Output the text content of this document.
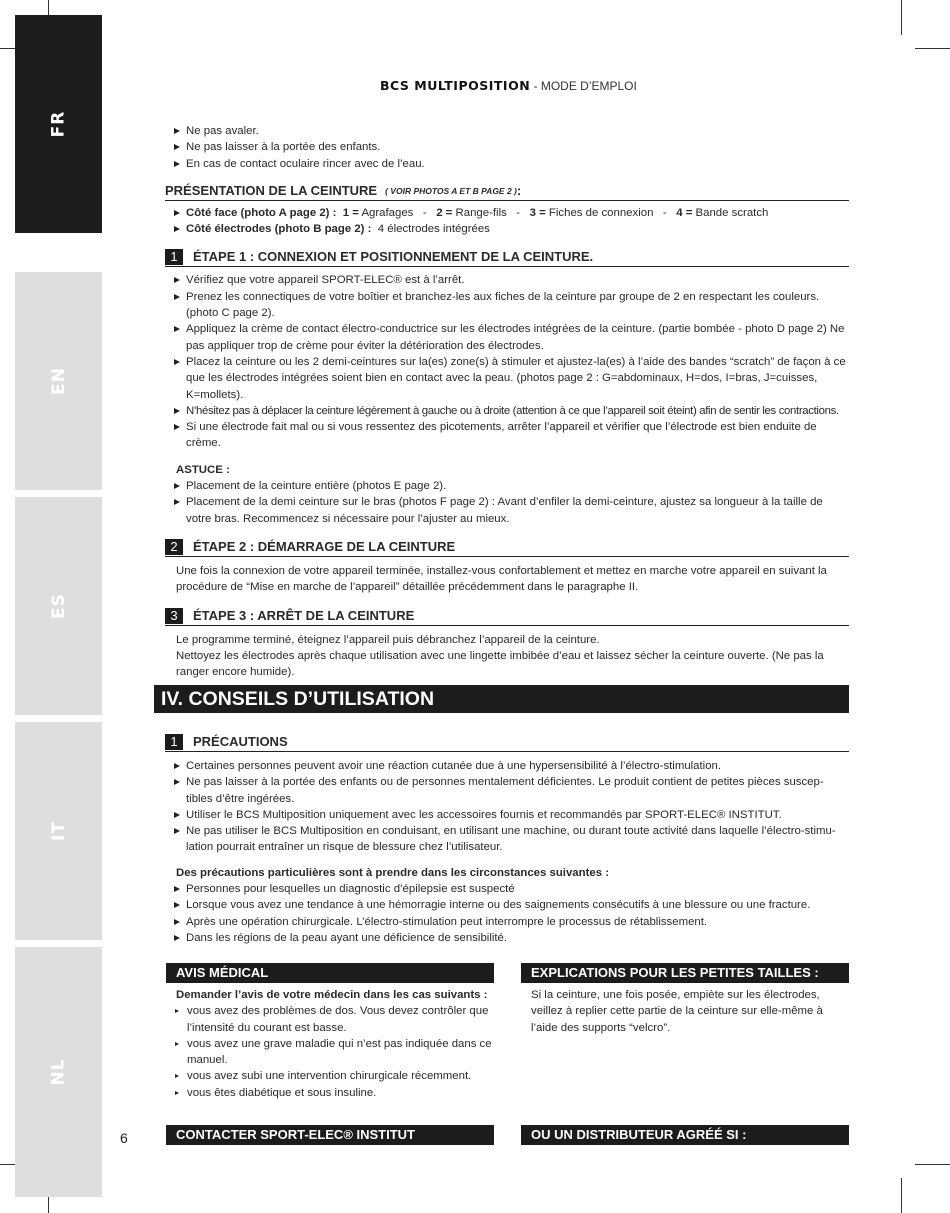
FR
EN
ES
IT
NL
BCS MULTIPOSITION - MODE D’EMPLOI
Ne pas avaler.
Ne pas laisser à la portée des enfants.
En cas de contact oculaire rincer avec de l’eau.
PRÉSENTATION DE LA CEINTURE ( VOIR PHOTOS A ET B PAGE 2 ) :
Côté face (photo A page 2) : 1 = Agrafages - 2 = Range-fils - 3 = Fiches de connexion - 4 = Bande scratch
Côté électrodes (photo B page 2) : 4 électrodes intégrées
1	ÉTAPE 1 : CONNEXION ET POSITIONNEMENT DE LA CEINTURE.
Vérifiez que votre appareil SPORT-ELEC® est à l’arrêt.
Prenez les connectiques de votre boîtier et branchez-les aux fiches de la ceinture par groupe de 2 en respectant les couleurs. (photo C page 2).
Appliquez la crème de contact électro-conductrice sur les électrodes intégrées de la ceinture. (partie bombée - photo D page 2) Ne pas appliquer trop de crème pour éviter la détérioration des électrodes.
Placez la ceinture ou les 2 demi-ceintures sur la(es) zone(s) à stimuler et ajustez-la(es) à l’aide des bandes “scratch” de façon à ce que les électrodes intégrées soient bien en contact avec la peau. (photos page 2 : G=abdominaux, H=dos, I=bras, J=cuisses, K=mollets).
N’hésitez pas à déplacer la ceinture légèrement à gauche ou à droite (attention à ce que l’appareil soit éteint) afin de sentir les contractions.
Si une électrode fait mal ou si vous ressentez des picotements, arrêter l’appareil et vérifier que l’électrode est bien enduite de crème.
ASTUCE :
Placement de la ceinture entière (photos E page 2).
Placement de la demi ceinture sur le bras (photos F page 2) : Avant d’enfiler la demi-ceinture, ajustez sa longueur à la taille de votre bras. Recommencez si nécessaire pour l’ajuster au mieux.
2	ÉTAPE 2 : DÉMARRAGE DE LA CEINTURE
Une fois la connexion de votre appareil terminée, installez-vous confortablement et mettez en marche votre appareil en suivant la procédure de “Mise en marche de l’appareil” détaillée précédemment dans le paragraphe II.
3	ÉTAPE 3 : ARRÊT DE LA CEINTURE
Le programme terminé, éteignez l’appareil puis débranchez l’appareil de la ceinture.
Nettoyez les électrodes après chaque utilisation avec une lingette imbibée d’eau et laissez sécher la ceinture ouverte. (Ne pas la ranger encore humide).
IV. CONSEILS D’UTILISATION
1	PRÉCAUTIONS
Certaines personnes peuvent avoir une réaction cutanée due à une hypersensibilité à l’électro-stimulation.
Ne pas laisser à la portée des enfants ou de personnes mentalement déficientes. Le produit contient de petites pièces suscep-tibles d’être ingérées.
Utiliser le BCS Multiposition uniquement avec les accessoires fournis et recommandés par SPORT-ELEC® INSTITUT.
Ne pas utiliser le BCS Multiposition en conduisant, en utilisant une machine, ou durant toute activité dans laquelle l’électro-stimu-lation pourrait entraîner un risque de blessure chez l’utilisateur.
Des précautions particulières sont à prendre dans les circonstances suivantes :
Personnes pour lesquelles un diagnostic d’épilepsie est suspecté
Lorsque vous avez une tendance à une hémorragie interne ou des saignements consécutifs à une blessure ou une fracture.
Après une opération chirurgicale. L’électro-stimulation peut interrompre le processus de rétablissement.
Dans les régions de la peau ayant une déficience de sensibilité.
AVIS MÉDICAL
Demander l’avis de votre médecin dans les cas suivants :
vous avez des problèmes de dos. Vous devez contrôler que l’intensité du courant est basse.
vous avez une grave maladie qui n’est pas indiquée dans ce manuel.
vous avez subi une intervention chirurgicale récemment.
vous êtes diabétique et sous insuline.
EXPLICATIONS POUR LES PETITES TAILLES :
Si la ceinture, une fois posée, empiète sur les électrodes, veillez à replier cette partie de la ceinture sur elle-même à l’aide des supports “velcro”.
CONTACTER SPORT-ELEC® INSTITUT	OU UN DISTRIBUTEUR AGRÉÉ SI :
6
